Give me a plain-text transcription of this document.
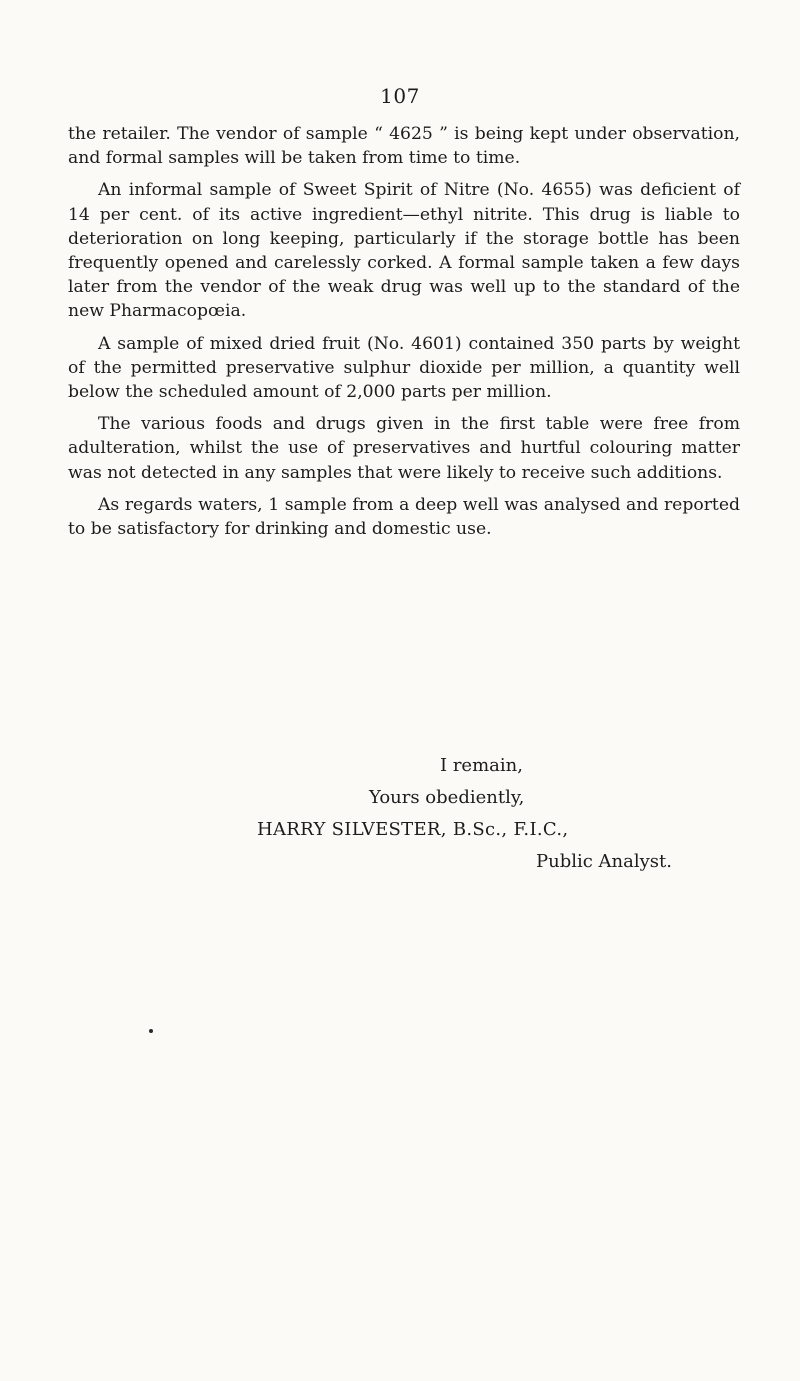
107

the retailer. The vendor of sample “ 4625 ” is being kept under observation, and formal samples will be taken from time to time.

An informal sample of Sweet Spirit of Nitre (No. 4655) was deficient of 14 per cent. of its active ingredient—ethyl nitrite. This drug is liable to deterioration on long keeping, particularly if the storage bottle has been frequently opened and carelessly corked. A formal sample taken a few days later from the vendor of the weak drug was well up to the standard of the new Pharmacopœia.

A sample of mixed dried fruit (No. 4601) contained 350 parts by weight of the permitted preservative sulphur dioxide per million, a quantity well below the scheduled amount of 2,000 parts per million.

The various foods and drugs given in the first table were free from adulteration, whilst the use of preservatives and hurtful colouring matter was not detected in any samples that were likely to receive such additions.

As regards waters, 1 sample from a deep well was analysed and reported to be satisfactory for drinking and domestic use.

I remain,
Yours obediently,
HARRY SILVESTER, B.Sc., F.I.C.,
Public Analyst.
